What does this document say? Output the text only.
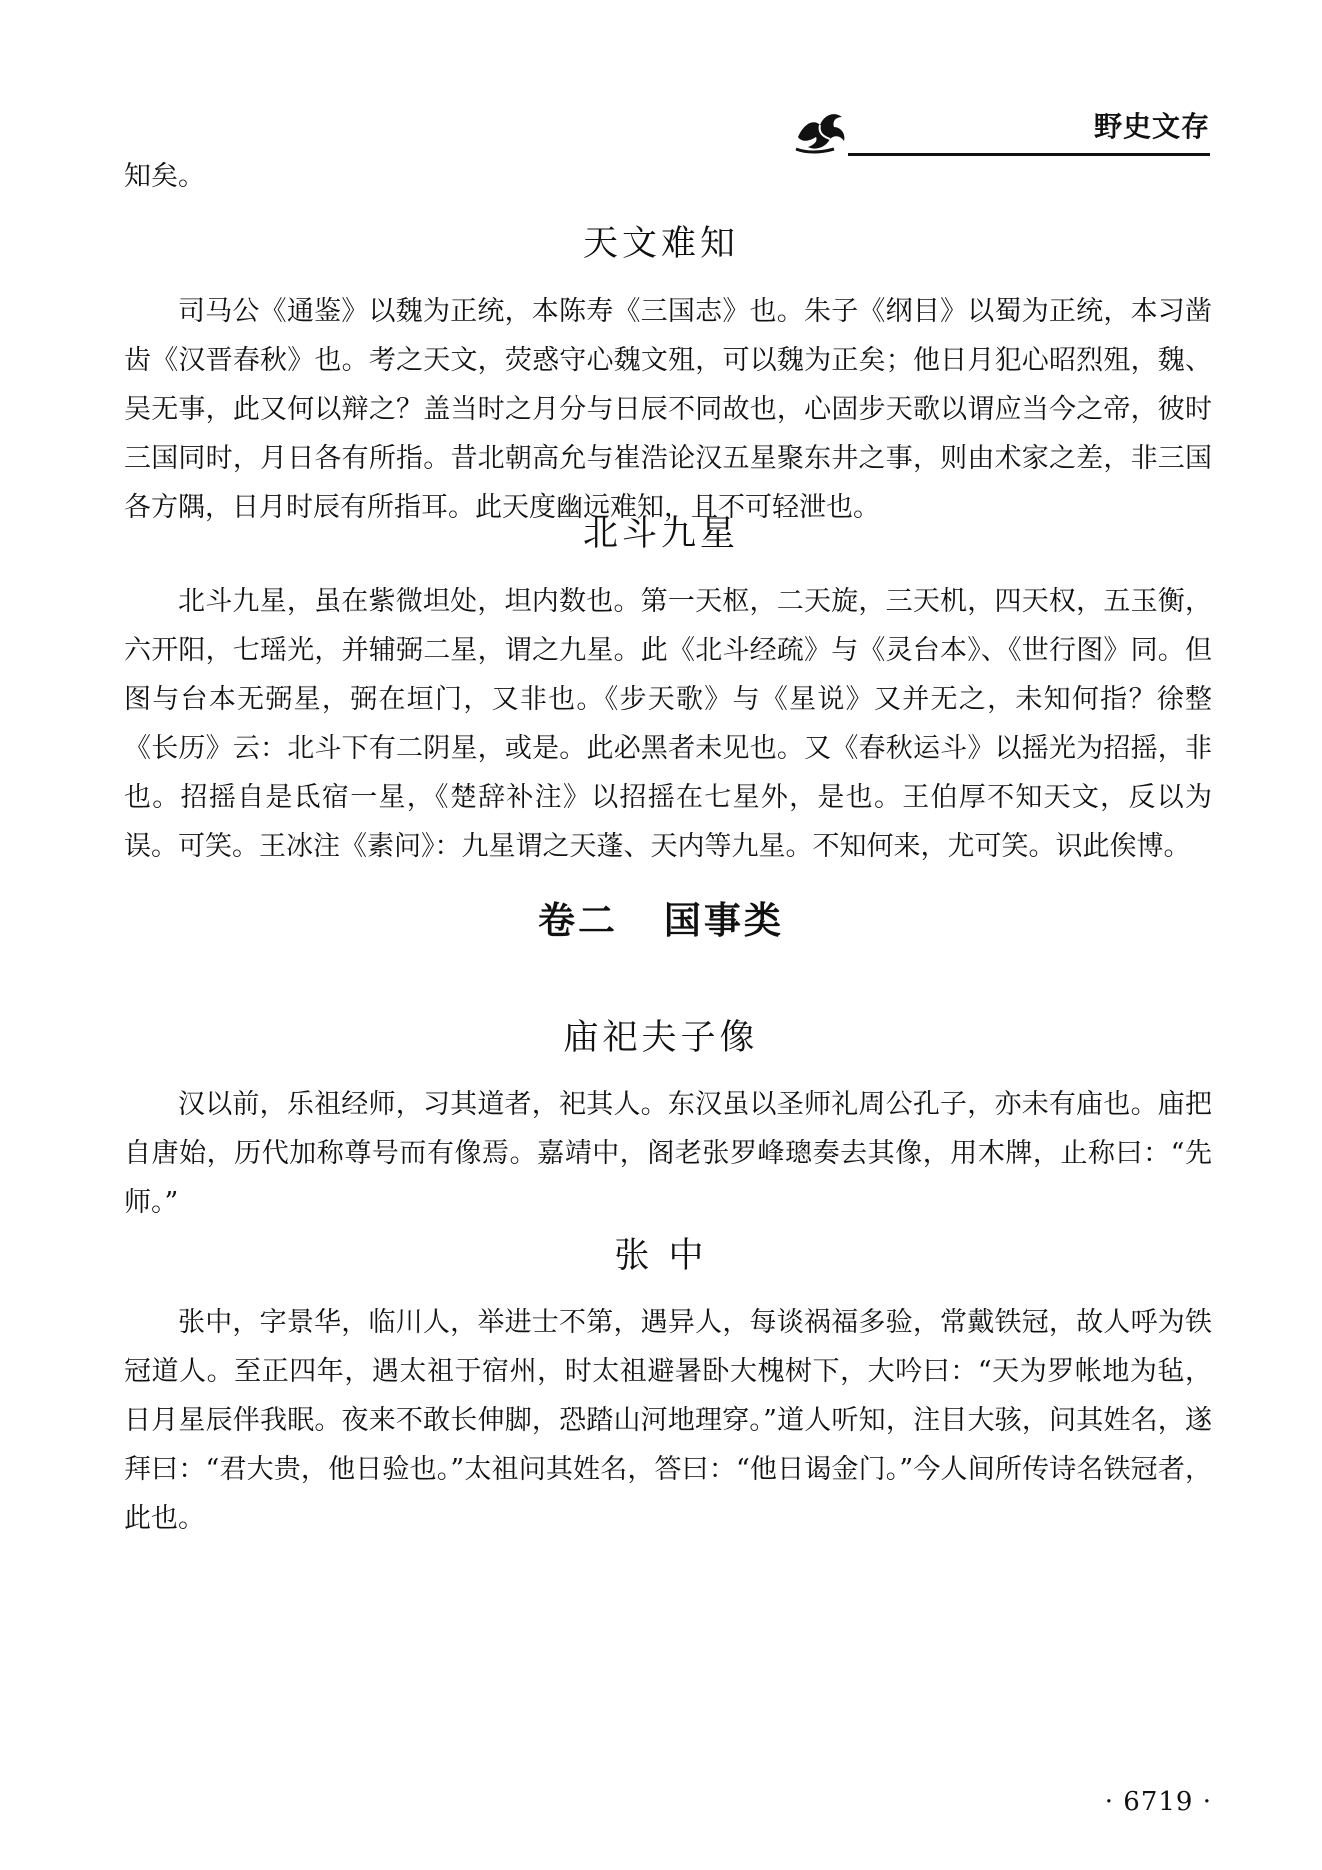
野史文存

知矣。

天文难知

司马公《通鉴》以魏为正统，本陈寿《三国志》也。朱子《纲目》以蜀为正统，本习凿齿《汉晋春秋》也。考之天文，荧惑守心魏文殂，可以魏为正矣；他日月犯心昭烈殂，魏、吴无事，此又何以辩之？盖当时之月分与日辰不同故也，心固步天歌以谓应当今之帝，彼时三国同时，月日各有所指。昔北朝高允与崔浩论汉五星聚东井之事，则由术家之差，非三国各方隅，日月时辰有所指耳。此天度幽远难知，且不可轻泄也。

北斗九星

北斗九星，虽在紫微坦处，坦内数也。第一天枢，二天旋，三天机，四天权，五玉衡，六开阳，七瑶光，并辅弼二星，谓之九星。此《北斗经疏》与《灵台本》、《世行图》同。但图与台本无弼星，弼在垣门，又非也。《步天歌》与《星说》又并无之，未知何指？徐整《长历》云：北斗下有二阴星，或是。此必黑者未见也。又《春秋运斗》以摇光为招摇，非也。招摇自是氐宿一星，《楚辞补注》以招摇在七星外，是也。王伯厚不知天文，反以为误。可笑。王冰注《素问》：九星谓之天蓬、天内等九星。不知何来，尤可笑。识此俟博。

卷二 国事类
庙祀夫子像

汉以前，乐祖经师，习其道者，祀其人。东汉虽以圣师礼周公孔子，亦未有庙也。庙把自唐始，历代加称尊号而有像焉。嘉靖中，阁老张罗峰璁奏去其像，用木牌，止称曰：“先师。”

张 中

张中，字景华，临川人，举进士不第，遇异人，每谈祸福多验，常戴铁冠，故人呼为铁冠道人。至正四年，遇太祖于宿州，时太祖避暑卧大槐树下，大吟曰：“天为罗帐地为毡，日月星辰伴我眠。夜来不敢长伸脚，恐踏山河地理穿。”道人听知，注目大骇，问其姓名，遂拜曰：“君大贵，他日验也。”太祖问其姓名，答曰：“他日谒金门。”今人间所传诗名铁冠者，此也。

· 6719 ·
